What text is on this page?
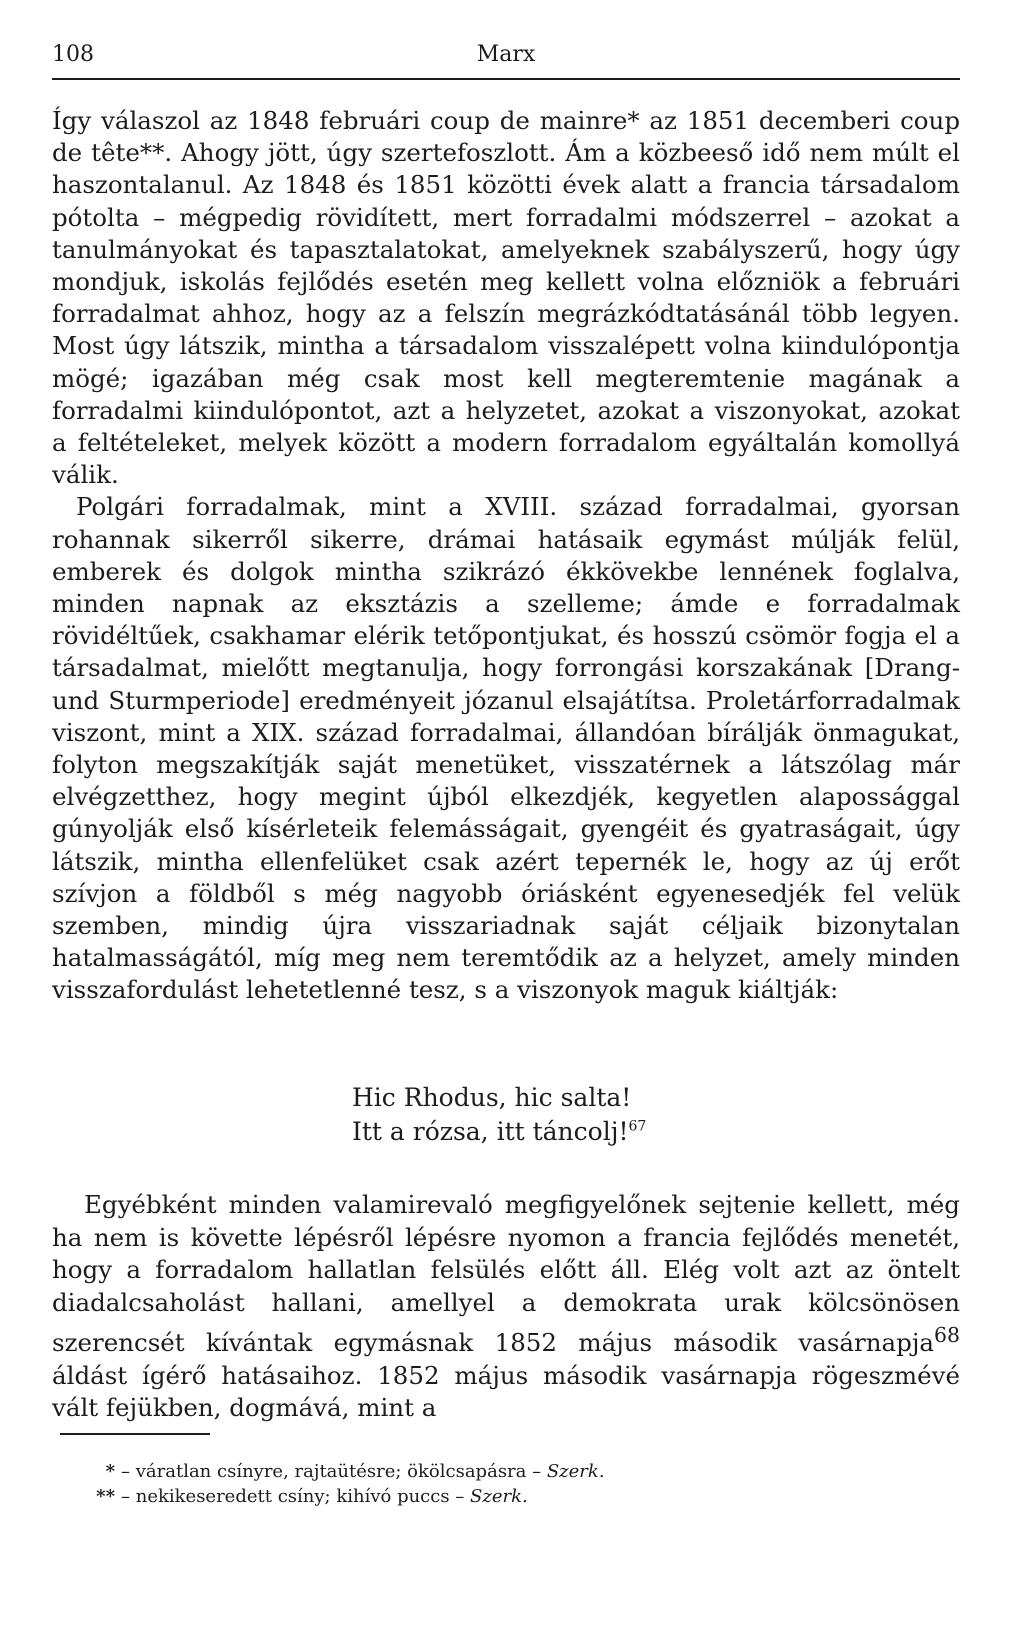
108	Marx

Így válaszol az 1848 februári coup de mainre* az 1851 decemberi coup de tête**. Ahogy jött, úgy szertefoszlott. Ám a közbeeső idő nem múlt el haszontalanul. Az 1848 és 1851 közötti évek alatt a francia társadalom pótolta – mégpedig rövidített, mert forradalmi módszerrel – azokat a tanulmányokat és tapasztalatokat, amelyeknek szabályszerű, hogy úgy mondjuk, iskolás fejlődés esetén meg kellett volna előzniök a februári forradalmat ahhoz, hogy az a felszín megrázkódtatásánál több legyen. Most úgy látszik, mintha a társadalom visszalépett volna kiindulópontja mögé; igazában még csak most kell megteremtenie magának a forradalmi kiindulópontot, azt a helyzetet, azokat a viszonyokat, azokat a feltételeket, melyek között a modern forradalom egyáltalán komollyá válik.

Polgári forradalmak, mint a XVIII. század forradalmai, gyorsan rohannak sikerről sikerre, drámai hatásaik egymást múlják felül, emberek és dolgok mintha szikrázó ékkövekbe lennének foglalva, minden napnak az eksztázis a szelleme; ámde e forradalmak rövidéltűek, csakhamar elérik tetőpontjukat, és hosszú csömör fogja el a társadalmat, mielőtt megtanulja, hogy forrongási korszakának [Drang- und Sturmperiode] eredményeit józanul elsajátítsa. Proletárforradalmak viszont, mint a XIX. század forradalmai, állandóan bírálják önmagukat, folyton megszakítják saját menetüket, visszatérnek a látszólag már elvégzetthez, hogy megint újból elkezdjék, kegyetlen alapossággal gúnyolják első kísérleteik felemásságait, gyengéit és gyatraságait, úgy látszik, mintha ellenfelüket csak azért tepernék le, hogy az új erőt szívjon a földből s még nagyobb óriásként egyenesedjék fel velük szemben, mindig újra visszariadnak saját céljaik bizonytalan hatalmasságától, míg meg nem teremtődik az a helyzet, amely minden visszafordulást lehetetlenné tesz, s a viszonyok maguk kiáltják:

Hic Rhodus, hic salta!
Itt a rózsa, itt táncolj!$^{67}$

Egyébként minden valamirevaló megfigyelőnek sejtenie kellett, még ha nem is követte lépésről lépésre nyomon a francia fejlődés menetét, hogy a forradalom hallatlan felsülés előtt áll. Elég volt azt az öntelt diadalcsaholást hallani, amellyel a demokrata urak kölcsönösen szerencsét kívántak egymásnak 1852 május második vasárnapja$^{68}$ áldást ígérő hatásaihoz. 1852 május második vasárnapja rögeszmévé vált fejükben, dogmává, mint a

* – váratlan csínyre, rajtaütésre; ökölcsapásra – Szerk.
** – nekikeseredett csíny; kihívó puccs – Szerk.
